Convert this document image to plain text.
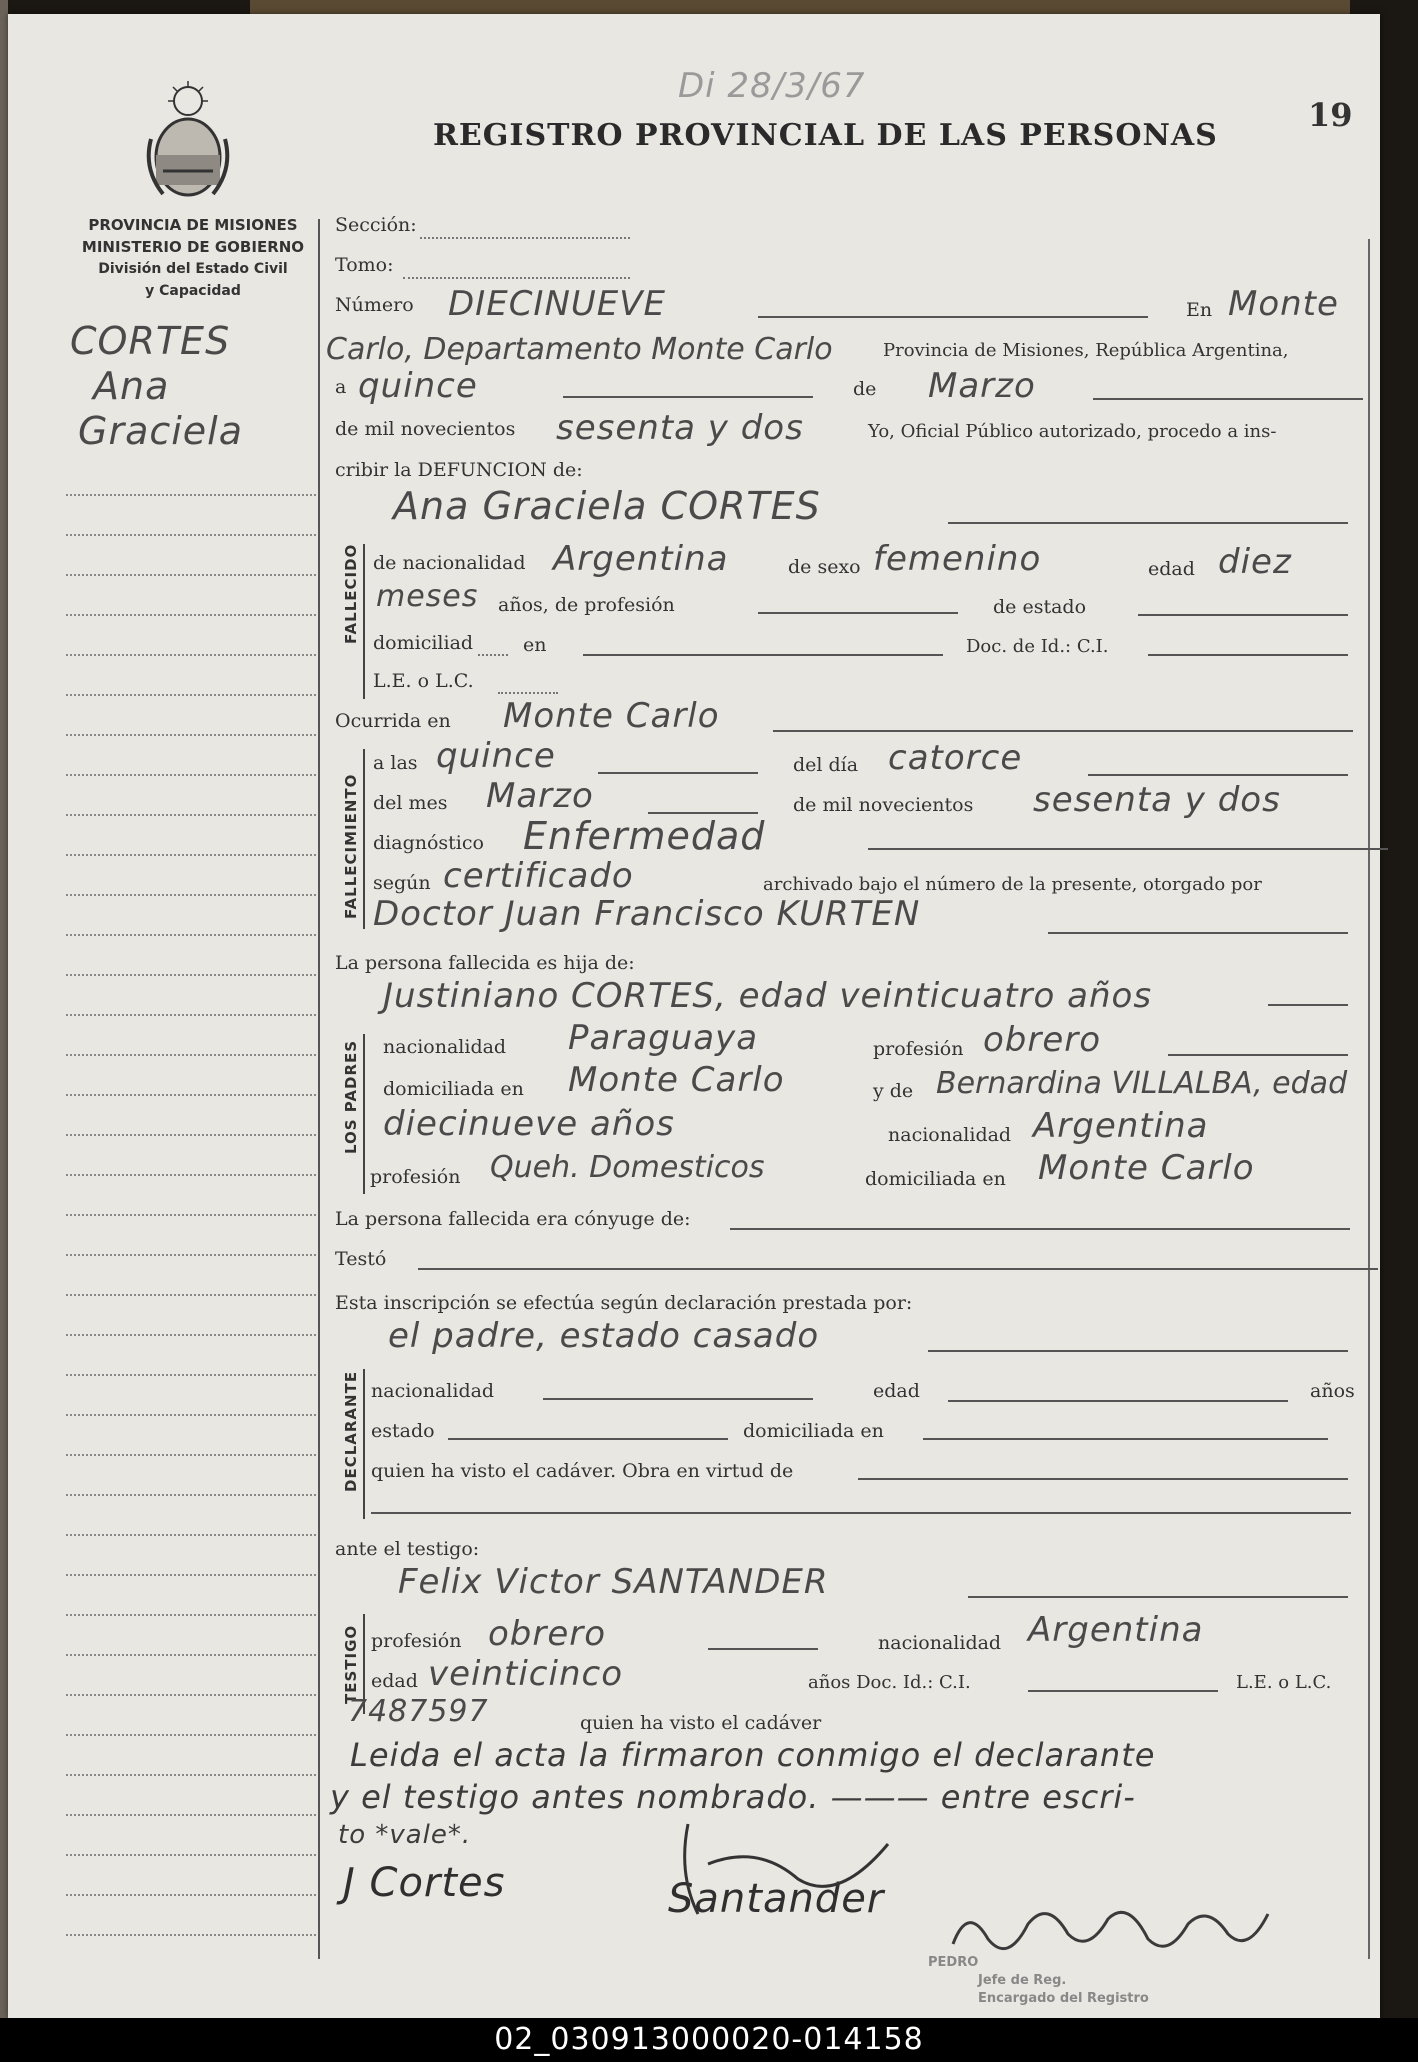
Di 28/3/67
19
REGISTRO PROVINCIAL DE LAS PERSONAS
PROVINCIA DE MISIONES
MINISTERIO DE GOBIERNO
División del Estado Civil
y Capacidad
CORTES
Ana
Graciela
Sección:
Tomo:
Número DIECINUEVE	En Monte
Carlo, Departamento Monte Carlo	Provincia de Misiones, República Argentina,
a quince	de Marzo
de mil novecientos sesenta y dos	Yo, Oficial Público autorizado, procedo a ins-
cribir la DEFUNCION de:
Ana Graciela CORTES
FALLECIDO de nacionalidad Argentina	de sexo femenino	edad diez
meses años, de profesión	de estado
domiciliad	en	Doc. de Id.: C.I.
L.E. o L.C.
Ocurrida en Monte Carlo
FALLECIMIENTO
a las quince	del día catorce
del mes Marzo	de mil novecientos sesenta y dos
diagnóstico Enfermedad
según certificado	archivado bajo el número de la presente, otorgado por
Doctor Juan Francisco KURTEN
La persona fallecida es hija de:
Justiniano CORTES, edad veinticuatro años
LOS PADRES nacionalidad Paraguaya	profesión obrero
domiciliada en Monte Carlo	y de Bernardina VILLALBA, edad
diecinueve años	nacionalidad Argentina
profesión Queh. Domesticos	domiciliada en Monte Carlo
La persona fallecida era cónyuge de:
Testó
Esta inscripción se efectúa según declaración prestada por:
el padre, estado casado
DECLARANTE nacionalidad	edad	años
estado	domiciliada en
quien ha visto el cadáver. Obra en virtud de
ante el testigo:
Felix Victor SANTANDER
TESTIGO profesión obrero	nacionalidad Argentina
edad veinticinco	años Doc. Id.: C.I.	L.E. o L.C.
7487597	quien ha visto el cadáver
Leida el acta la firmaron conmigo el declarante
y el testigo antes nombrado. ——— entre escri-
to *vale*.
J Cortes	Santander
PEDRO
Jefe de Reg.
Encargado del Registro
02_030913000020-014158
